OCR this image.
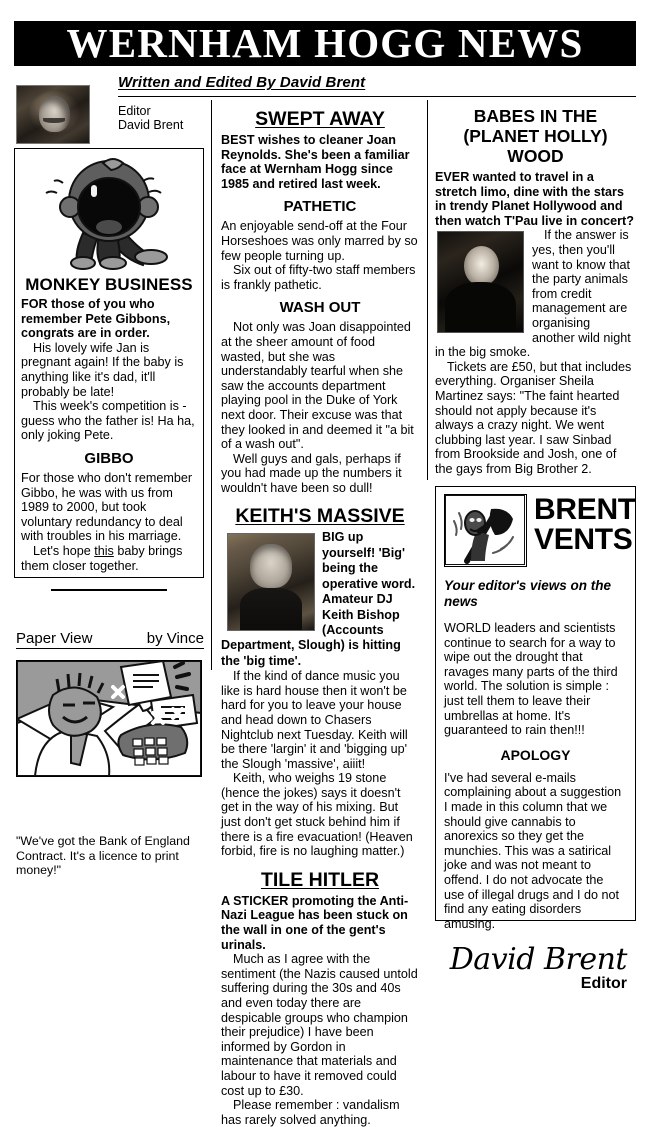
WERNHAM HOGG NEWS
Written and Edited By David Brent
Editor
David Brent
MONKEY BUSINESS

FOR those of you who remember Pete Gibbons, congrats are in order.

His lovely wife Jan is pregnant again! If the baby is anything like it's dad, it'll probably be late!

This week's competition is - guess who the father is! Ha ha, only joking Pete.

GIBBO

For those who don't remember Gibbo, he was with us from 1989 to 2000, but took voluntary redundancy to deal with troubles in his marriage.

Let's hope this baby brings them closer together.

Paper View	by Vince
"We've got the Bank of England Contract. It's a licence to print money!"
SWEPT AWAY

BEST wishes to cleaner Joan Reynolds. She's been a familiar face at Wernham Hogg since 1985 and retired last week.

PATHETIC

An enjoyable send-off at the Four Horseshoes was only marred by so few people turning up.

Six out of fifty-two staff members is frankly pathetic.

WASH OUT

Not only was Joan disappointed at the sheer amount of food wasted, but she was understandably tearful when she saw the accounts department playing pool in the Duke of York next door. Their excuse was that they looked in and deemed it "a bit of a wash out".

Well guys and gals, perhaps if you had made up the numbers it wouldn't have been so dull!

KEITH'S MASSIVE

BIG up yourself! 'Big' being the operative word. Amateur DJ Keith Bishop (Accounts Department, Slough) is hitting the 'big time'.

If the kind of dance music you like is hard house then it won't be hard for you to leave your house and head down to Chasers Nightclub next Tuesday. Keith will be there 'largin' it and 'bigging up' the Slough 'massive', aiiit!

Keith, who weighs 19 stone (hence the jokes) says it doesn't get in the way of his mixing. But just don't get stuck behind him if there is a fire evacuation! (Heaven forbid, fire is no laughing matter.)

TILE HITLER

A STICKER promoting the Anti-Nazi League has been stuck on the wall in one of the gent's urinals.

Much as I agree with the sentiment (the Nazis caused untold suffering during the 30s and 40s and even today there are despicable groups who champion their prejudice) I have been informed by Gordon in maintenance that materials and labour to have it removed could cost up to £30.

Please remember : vandalism has rarely solved anything.

BABES IN THE
(PLANET HOLLY)
WOOD

EVER wanted to travel in a stretch limo, dine with the stars in trendy Planet Hollywood and then watch T'Pau live in concert?

If the answer is yes, then you'll want to know that the party animals from credit management are organising another wild night in the big smoke.

Tickets are £50, but that includes everything. Organiser Sheila Martinez says: "The faint hearted should not apply because it's always a crazy night. We went clubbing last year. I saw Sinbad from Brookside and Josh, one of the gays from Big Brother 2.

BRENT
VENTS

Your editor's views on the news

WORLD leaders and scientists continue to search for a way to wipe out the drought that ravages many parts of the third world. The solution is simple : just tell them to leave their umbrellas at home. It's guaranteed to rain then!!!

APOLOGY

I've had several e-mails complaining about a suggestion I made in this column that we should give cannabis to anorexics so they get the munchies. This was a satirical joke and was not meant to offend. I do not advocate the use of illegal drugs and I do not find any eating disorders amusing.

David Brent
Editor
